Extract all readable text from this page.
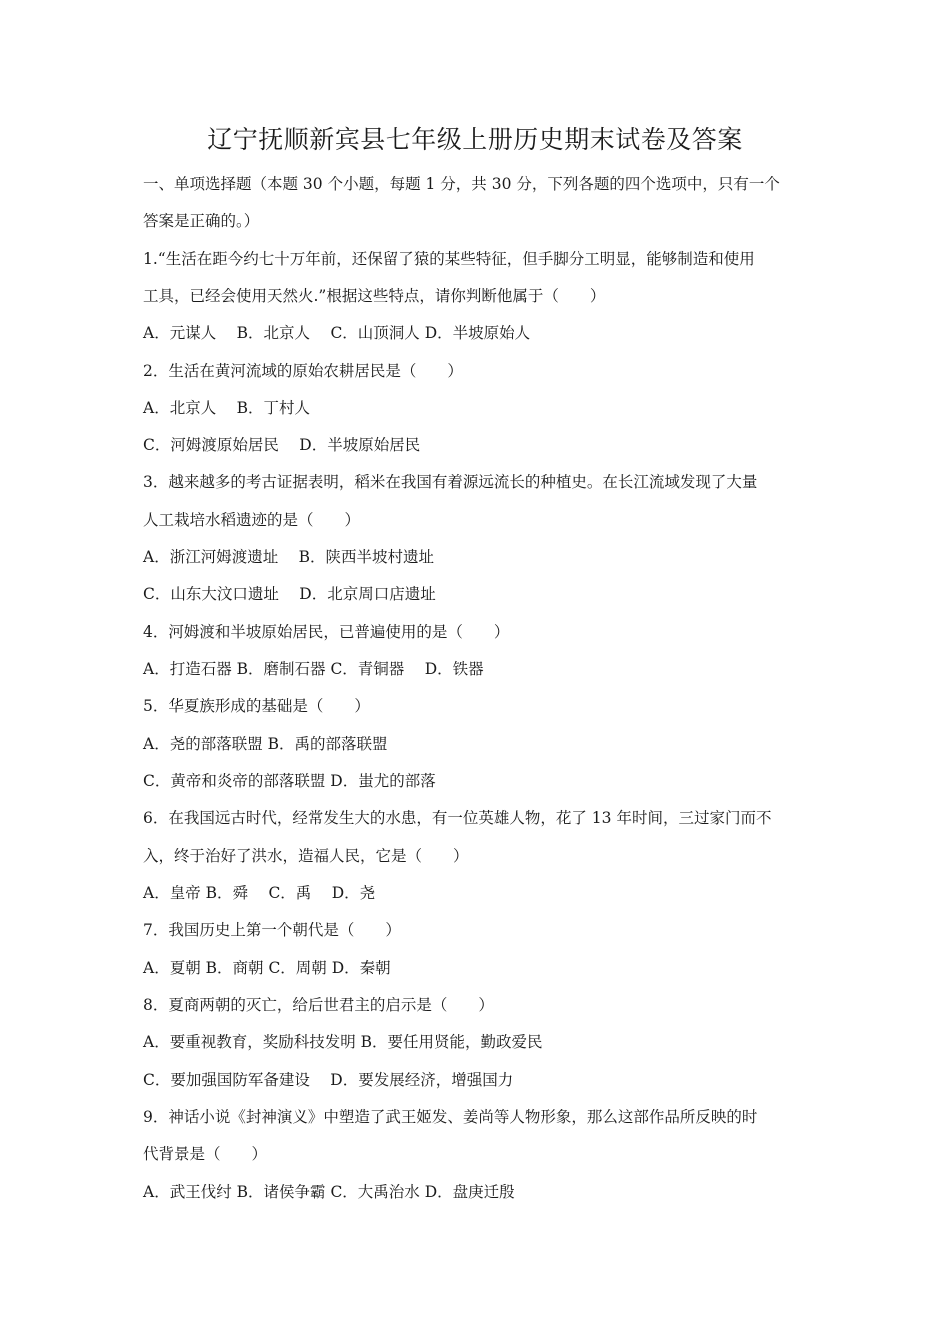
辽宁抚顺新宾县七年级上册历史期末试卷及答案
一、单项选择题（本题 30 个小题，每题 1 分，共 30 分，下列各题的四个选项中，只有一个
答案是正确的。）
1.“生活在距今约七十万年前，还保留了猿的某些特征，但手脚分工明显，能够制造和使用
工具，已经会使用天然火.”根据这些特点，请你判断他属于（　　）
A．元谋人　 B．北京人　 C．山顶洞人 D．半坡原始人
2．生活在黄河流域的原始农耕居民是（　　）
A．北京人　 B．丁村人
C．河姆渡原始居民　 D．半坡原始居民
3．越来越多的考古证据表明，稻米在我国有着源远流长的种植史。在长江流域发现了大量
人工栽培水稻遗迹的是（　　）
A．浙江河姆渡遗址　 B．陕西半坡村遗址
C．山东大汶口遗址　 D．北京周口店遗址
4．河姆渡和半坡原始居民，已普遍使用的是（　　）
A．打造石器 B．磨制石器 C．青铜器　 D．铁器
5．华夏族形成的基础是（　　）
A．尧的部落联盟 B．禹的部落联盟
C．黄帝和炎帝的部落联盟 D．蚩尤的部落
6．在我国远古时代，经常发生大的水患，有一位英雄人物，花了 13 年时间，三过家门而不
入，终于治好了洪水，造福人民，它是（　　）
A．皇帝 B．舜　 C．禹　 D．尧
7．我国历史上第一个朝代是（　　）
A．夏朝 B．商朝 C．周朝 D．秦朝
8．夏商两朝的灭亡，给后世君主的启示是（　　）
A．要重视教育，奖励科技发明 B．要任用贤能，勤政爱民
C．要加强国防军备建设　 D．要发展经济，增强国力
9．神话小说《封神演义》中塑造了武王姬发、姜尚等人物形象，那么这部作品所反映的时
代背景是（　　）
A．武王伐纣 B．诸侯争霸 C．大禹治水 D．盘庚迁殷
